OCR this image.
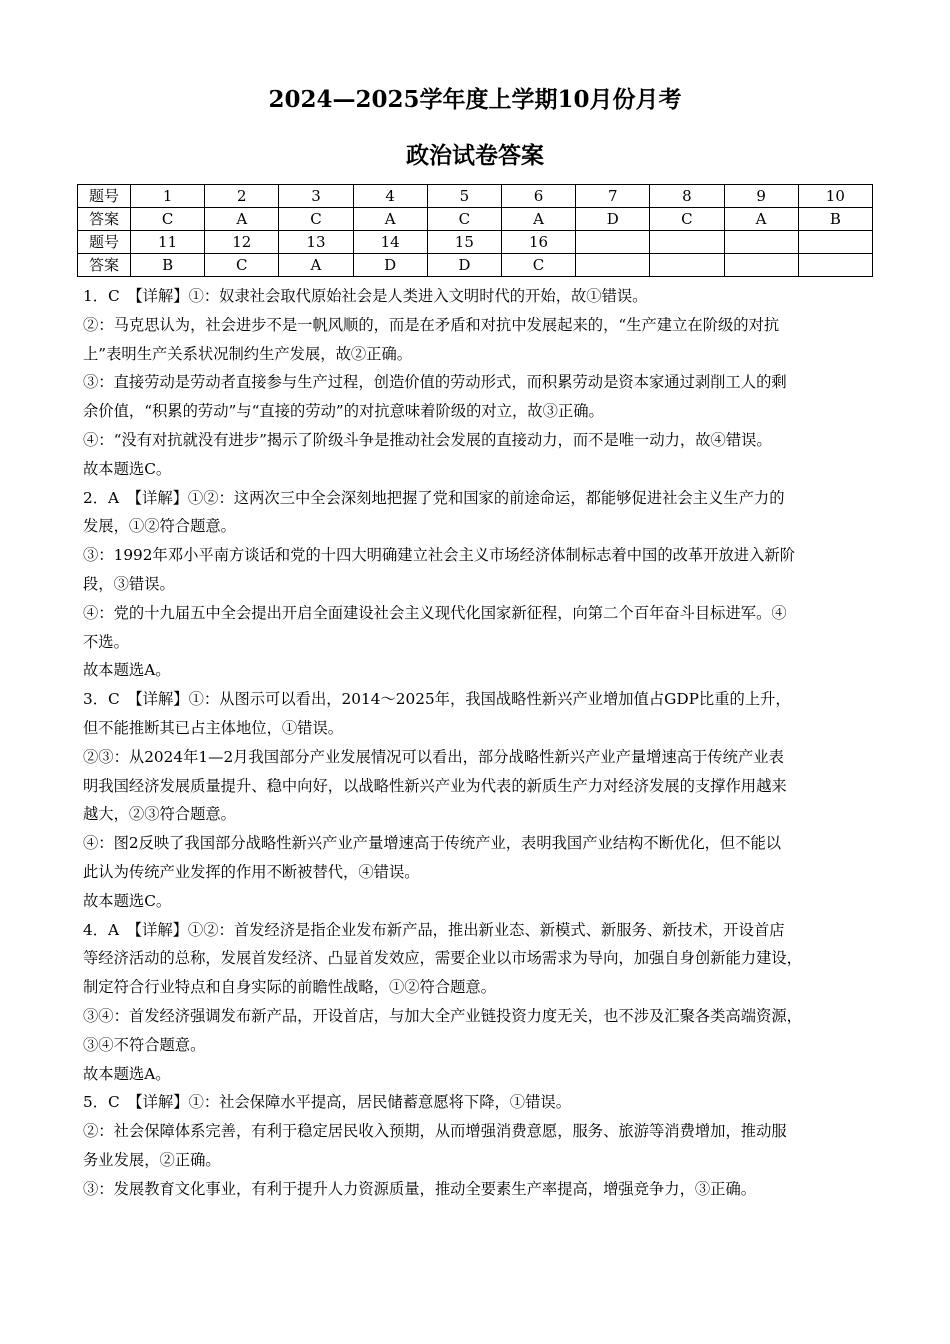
2024—2025学年度上学期10月份月考
政治试卷答案
题号	1	2	3	4	5	6	7	8	9	10
答案	C	A	C	A	C	A	D	C	A	B
题号	11	12	13	14	15	16				
答案	B	C	A	D	D	C				

1．C　【详解】①：奴隶社会取代原始社会是人类进入文明时代的开始，故①错误。

②：马克思认为，社会进步不是一帆风顺的，而是在矛盾和对抗中发展起来的，“生产建立在阶级的对抗

上”表明生产关系状况制约生产发展，故②正确。

③：直接劳动是劳动者直接参与生产过程，创造价值的劳动形式，而积累劳动是资本家通过剥削工人的剩

余价值，“积累的劳动”与“直接的劳动”的对抗意味着阶级的对立，故③正确。

④：“没有对抗就没有进步”揭示了阶级斗争是推动社会发展的直接动力，而不是唯一动力，故④错误。

故本题选C。

2．A　【详解】①②：这两次三中全会深刻地把握了党和国家的前途命运，都能够促进社会主义生产力的

发展，①②符合题意。

③：1992年邓小平南方谈话和党的十四大明确建立社会主义市场经济体制标志着中国的改革开放进入新阶

段，③错误。

④：党的十九届五中全会提出开启全面建设社会主义现代化国家新征程，向第二个百年奋斗目标进军。④

不选。

故本题选A。

3．C　【详解】①：从图示可以看出，2014～2025年，我国战略性新兴产业增加值占GDP比重的上升，

但不能推断其已占主体地位，①错误。

②③：从2024年1—2月我国部分产业发展情况可以看出，部分战略性新兴产业产量增速高于传统产业表

明我国经济发展质量提升、稳中向好，以战略性新兴产业为代表的新质生产力对经济发展的支撑作用越来

越大，②③符合题意。

④：图2反映了我国部分战略性新兴产业产量增速高于传统产业，表明我国产业结构不断优化，但不能以

此认为传统产业发挥的作用不断被替代，④错误。

故本题选C。

4．A　【详解】①②：首发经济是指企业发布新产品，推出新业态、新模式、新服务、新技术，开设首店

等经济活动的总称，发展首发经济、凸显首发效应，需要企业以市场需求为导向，加强自身创新能力建设，

制定符合行业特点和自身实际的前瞻性战略，①②符合题意。

③④：首发经济强调发布新产品，开设首店，与加大全产业链投资力度无关，也不涉及汇聚各类高端资源，

③④不符合题意。

故本题选A。

5．C　【详解】①：社会保障水平提高，居民储蓄意愿将下降，①错误。

②：社会保障体系完善，有利于稳定居民收入预期，从而增强消费意愿，服务、旅游等消费增加，推动服

务业发展，②正确。

③：发展教育文化事业，有利于提升人力资源质量，推动全要素生产率提高，增强竞争力，③正确。
